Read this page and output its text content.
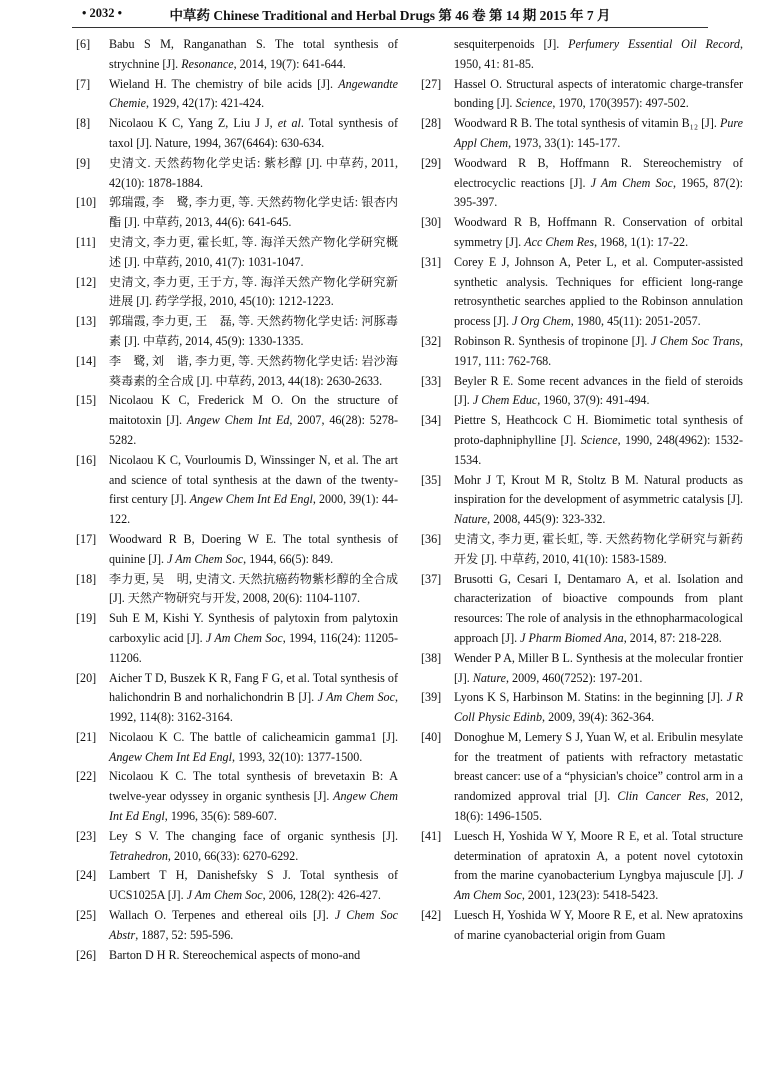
• 2032 •	中草药 Chinese Traditional and Herbal Drugs 第 46 卷 第 14 期 2015 年 7 月
[6] Babu S M, Ranganathan S. The total synthesis of strychnine [J]. Resonance, 2014, 19(7): 641-644.
[7] Wieland H. The chemistry of bile acids [J]. Angewandte Chemie, 1929, 42(17): 421-424.
[8] Nicolaou K C, Yang Z, Liu J J, et al. Total synthesis of taxol [J]. Nature, 1994, 367(6464): 630-634.
[9] 史清文. 天然药物化学史话: 紫杉醇 [J]. 中草药, 2011, 42(10): 1878-1884.
[10] 郭瑞霞, 李　鹭, 李力更, 等. 天然药物化学史话: 银杏内酯 [J]. 中草药, 2013, 44(6): 641-645.
[11] 史清文, 李力更, 霍长虹, 等. 海洋天然产物化学研究概述 [J]. 中草药, 2010, 41(7): 1031-1047.
[12] 史清文, 李力更, 王于方, 等. 海洋天然产物化学研究新进展 [J]. 药学学报, 2010, 45(10): 1212-1223.
[13] 郭瑞霞, 李力更, 王　磊, 等. 天然药物化学史话: 河豚毒素 [J]. 中草药, 2014, 45(9): 1330-1335.
[14] 李　鹭, 刘　谐, 李力更, 等. 天然药物化学史话: 岩沙海葵毒素的全合成 [J]. 中草药, 2013, 44(18): 2630-2633.
[15] Nicolaou K C, Frederick M O. On the structure of maitotoxin [J]. Angew Chem Int Ed, 2007, 46(28): 5278-5282.
[16] Nicolaou K C, Vourloumis D, Winssinger N, et al. The art and science of total synthesis at the dawn of the twenty-first century [J]. Angew Chem Int Ed Engl, 2000, 39(1): 44-122.
[17] Woodward R B, Doering W E. The total synthesis of quinine [J]. J Am Chem Soc, 1944, 66(5): 849.
[18] 李力更, 吴　明, 史清文. 天然抗癌药物紫杉醇的全合成 [J]. 天然产物研究与开发, 2008, 20(6): 1104-1107.
[19] Suh E M, Kishi Y. Synthesis of palytoxin from palytoxin carboxylic acid [J]. J Am Chem Soc, 1994, 116(24): 11205-11206.
[20] Aicher T D, Buszek K R, Fang F G, et al. Total synthesis of halichondrin B and norhalichondrin B [J]. J Am Chem Soc, 1992, 114(8): 3162-3164.
[21] Nicolaou K C. The battle of calicheamicin gamma1 [J]. Angew Chem Int Ed Engl, 1993, 32(10): 1377-1500.
[22] Nicolaou K C. The total synthesis of brevetaxin B: A twelve-year odyssey in organic synthesis [J]. Angew Chem Int Ed Engl, 1996, 35(6): 589-607.
[23] Ley S V. The changing face of organic synthesis [J]. Tetrahedron, 2010, 66(33): 6270-6292.
[24] Lambert T H, Danishefsky S J. Total synthesis of UCS1025A [J]. J Am Chem Soc, 2006, 128(2): 426-427.
[25] Wallach O. Terpenes and ethereal oils [J]. J Chem Soc Abstr, 1887, 52: 595-596.
[26] Barton D H R. Stereochemical aspects of mono-and
sesquiterpenoids [J]. Perfumery Essential Oil Record, 1950, 41: 81-85.
[27] Hassel O. Structural aspects of interatomic charge-transfer bonding [J]. Science, 1970, 170(3957): 497-502.
[28] Woodward R B. The total synthesis of vitamin B₁₂ [J]. Pure Appl Chem, 1973, 33(1): 145-177.
[29] Woodward R B, Hoffmann R. Stereochemistry of electrocyclic reactions [J]. J Am Chem Soc, 1965, 87(2): 395-397.
[30] Woodward R B, Hoffmann R. Conservation of orbital symmetry [J]. Acc Chem Res, 1968, 1(1): 17-22.
[31] Corey E J, Johnson A, Peter L, et al. Computer-assisted synthetic analysis. Techniques for efficient long-range retrosynthetic searches applied to the Robinson annulation process [J]. J Org Chem, 1980, 45(11): 2051-2057.
[32] Robinson R. Synthesis of tropinone [J]. J Chem Soc Trans, 1917, 111: 762-768.
[33] Beyler R E. Some recent advances in the field of steroids [J]. J Chem Educ, 1960, 37(9): 491-494.
[34] Piettre S, Heathcock C H. Biomimetic total synthesis of proto-daphniphylline [J]. Science, 1990, 248(4962): 1532-1534.
[35] Mohr J T, Krout M R, Stoltz B M. Natural products as inspiration for the development of asymmetric catalysis [J]. Nature, 2008, 445(9): 323-332.
[36] 史清文, 李力更, 霍长虹, 等. 天然药物化学研究与新药开发 [J]. 中草药, 2010, 41(10): 1583-1589.
[37] Brusotti G, Cesari I, Dentamaro A, et al. Isolation and characterization of bioactive compounds from plant resources: The role of analysis in the ethnopharmacological approach [J]. J Pharm Biomed Ana, 2014, 87: 218-228.
[38] Wender P A, Miller B L. Synthesis at the molecular frontier [J]. Nature, 2009, 460(7252): 197-201.
[39] Lyons K S, Harbinson M. Statins: in the beginning [J]. J R Coll Physic Edinb, 2009, 39(4): 362-364.
[40] Donoghue M, Lemery S J, Yuan W, et al. Eribulin mesylate for the treatment of patients with refractory metastatic breast cancer: use of a “physician's choice” control arm in a randomized approval trial [J]. Clin Cancer Res, 2012, 18(6): 1496-1505.
[41] Luesch H, Yoshida W Y, Moore R E, et al. Total structure determination of apratoxin A, a potent novel cytotoxin from the marine cyanobacterium Lyngbya majuscule [J]. J Am Chem Soc, 2001, 123(23): 5418-5423.
[42] Luesch H, Yoshida W Y, Moore R E, et al. New apratoxins of marine cyanobacterial origin from Guam
